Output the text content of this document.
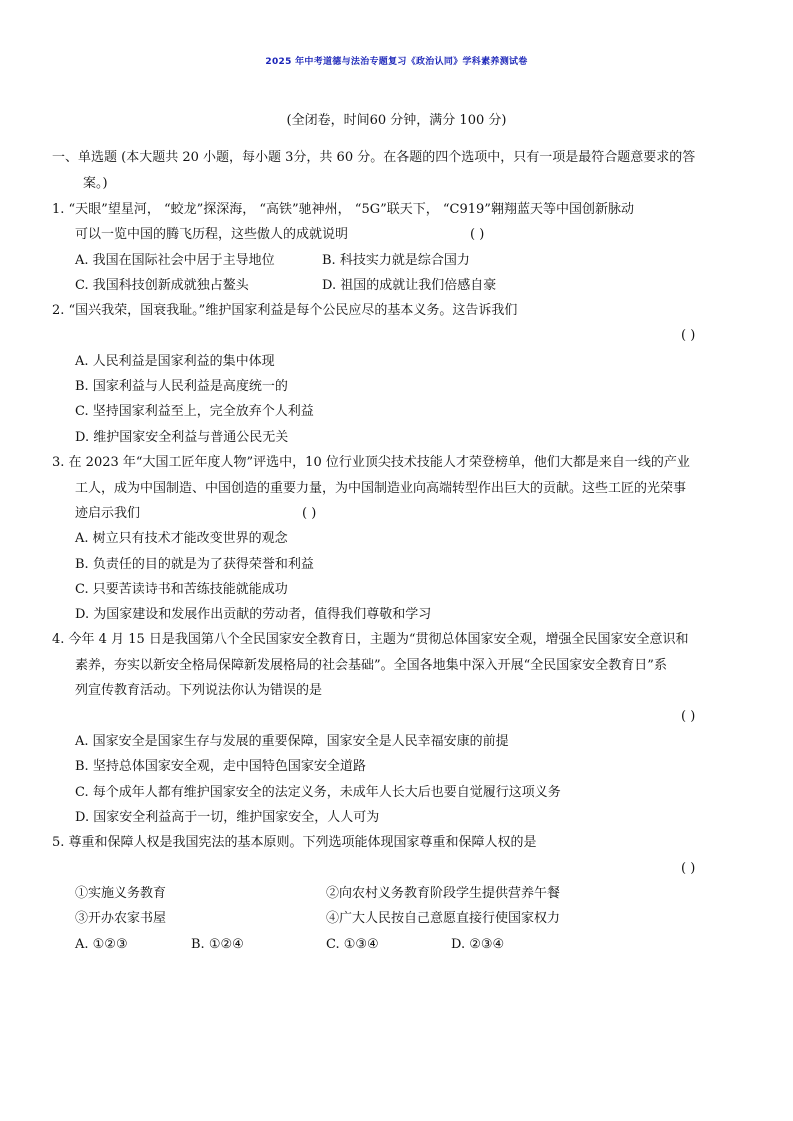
2025 年中考道德与法治专题复习《政治认同》学科素养测试卷
(全闭卷，时间60 分钟，满分 100 分)
一、单选题 (本大题共 20 小题，每小题 3分，共 60 分。在各题的四个选项中，只有一项是最符合题意要求的答
案。)
1. “天眼”望星河， “蛟龙”探深海， “高铁”驰神州， “5G”联天下， “C919”翱翔蓝天等中国创新脉动
可以一览中国的腾飞历程，这些傲人的成就说明	( )
A. 我国在国际社会中居于主导地位	B. 科技实力就是综合国力
C. 我国科技创新成就独占鳌头	D. 祖国的成就让我们倍感自豪
2. “国兴我荣，国衰我耻。”维护国家利益是每个公民应尽的基本义务。这告诉我们
( )
A. 人民利益是国家利益的集中体现
B. 国家利益与人民利益是高度统一的
C. 坚持国家利益至上，完全放弃个人利益
D. 维护国家安全利益与普通公民无关
3. 在 2023 年“大国工匠年度人物”评选中，10 位行业顶尖技术技能人才荣登榜单，他们大都是来自一线的产业
工人，成为中国制造、中国创造的重要力量，为中国制造业向高端转型作出巨大的贡献。这些工匠的光荣事
迹启示我们	( )
A. 树立只有技术才能改变世界的观念
B. 负责任的目的就是为了获得荣誉和利益
C. 只要苦读诗书和苦练技能就能成功
D. 为国家建设和发展作出贡献的劳动者，值得我们尊敬和学习
4. 今年 4 月 15 日是我国第八个全民国家安全教育日，主题为“贯彻总体国家安全观，增强全民国家安全意识和
素养，夯实以新安全格局保障新发展格局的社会基础”。全国各地集中深入开展“全民国家安全教育日”系
列宣传教育活动。下列说法你认为错误的是
( )
A. 国家安全是国家生存与发展的重要保障，国家安全是人民幸福安康的前提
B. 坚持总体国家安全观，走中国特色国家安全道路
C. 每个成年人都有维护国家安全的法定义务，未成年人长大后也要自觉履行这项义务
D. 国家安全利益高于一切，维护国家安全，人人可为
5. 尊重和保障人权是我国宪法的基本原则。下列选项能体现国家尊重和保障人权的是
( )
①实施义务教育	②向农村义务教育阶段学生提供营养午餐
③开办农家书屋	④广大人民按自己意愿直接行使国家权力
A. ①②③	B. ①②④	C. ①③④	D. ②③④
